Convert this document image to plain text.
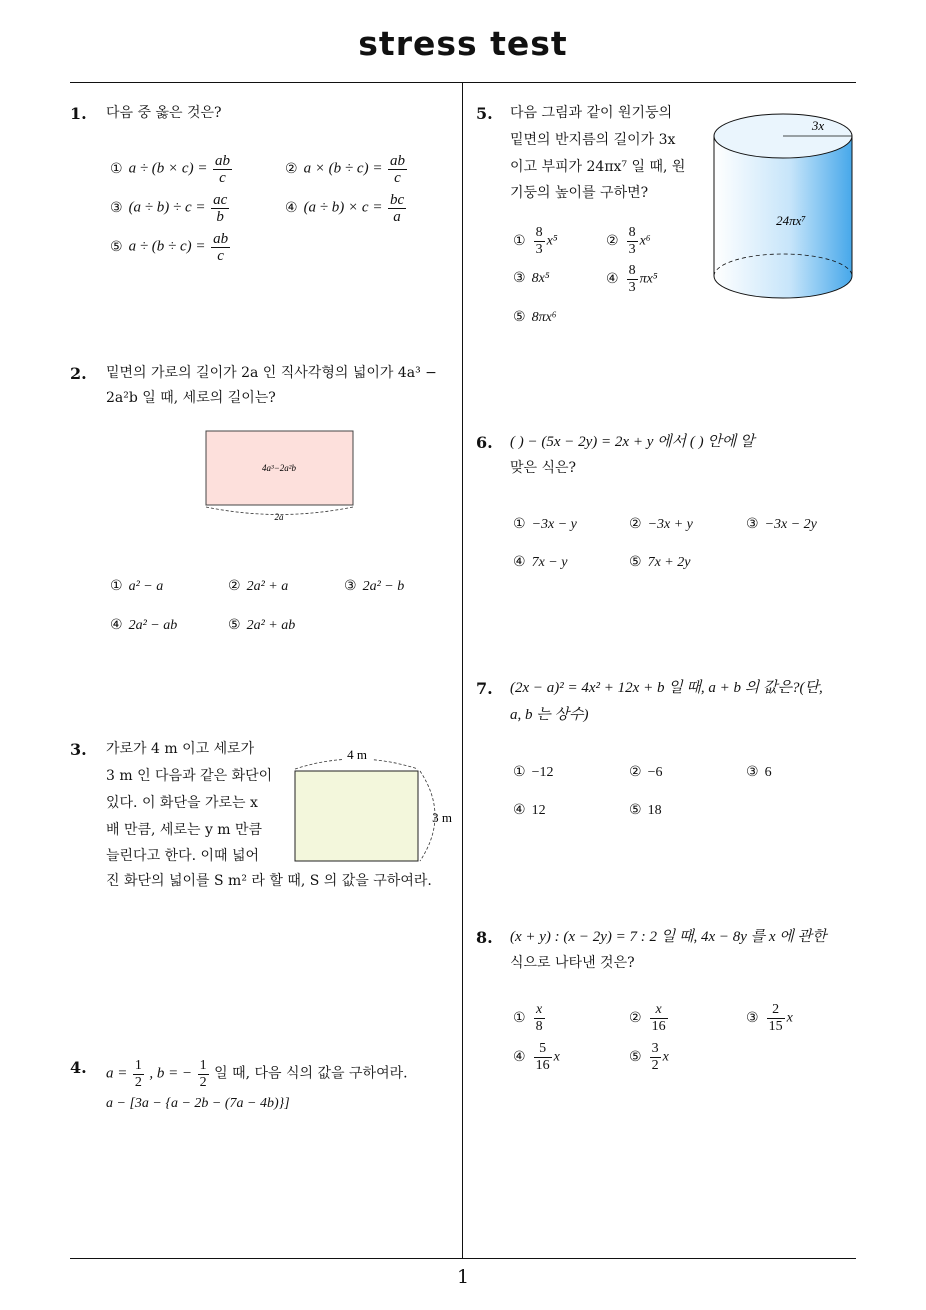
stress test
1
1. 다음 중 옳은 것은?
① $a \div (b \times c) = \frac{ab}{c}$	② $a \times (b \div c) = \frac{ab}{c}$
③ $(a \div b) \div c = \frac{ac}{b}$	④ $(a \div b) \times c = \frac{bc}{a}$
⑤ $a \div (b \div c) = \frac{ab}{c}$
2. 밑면의 가로의 길이가 2a 인 직사각형의 넓이가 4a³ −
2a²b 일 때, 세로의 길이는?
4a³−2a²b
2a
① a² − a	② 2a² + a	③ 2a² − b
④ 2a² − ab	⑤ 2a² + ab
3. 가로가 4 m 이고 세로가
3 m 인 다음과 같은 화단이
있다. 이 화단을 가로는 x
배 만큼, 세로는 y m 만큼
늘린다고 한다. 이때 넓어
진 화단의 넓이를 S m² 라 할 때, S 의 값을 구하여라.
4 m
3 m
4. $a = \frac{1}{2}$ , b = − $\frac{1}{2}$ 일 때, 다음 식의 값을 구하여라.
a − [3a − {a − 2b − (7a − 4b)}]
5. 다음 그림과 같이 원기둥의
밑면의 반지름의 길이가 3x
이고 부피가 24πx⁷ 일 때, 원
기둥의 높이를 구하면?
3x
24πx⁷
① $\frac{8}{3} x^5$	② $\frac{8}{3} x^6$
③ 8x⁵	④ $\frac{8}{3} \pi x^5$
⑤ 8πx⁶
6. ( ) − (5x − 2y) = 2x + y 에서 ( ) 안에 알
맞은 식은?
① −3x − y	② −3x + y	③ −3x − 2y
④ 7x − y	⑤ 7x + 2y
7. (2x − a)² = 4x² + 12x + b 일 때, a + b 의 값은?(단,
a, b 는 상수)
① −12	② −6	③ 6
④ 12	⑤ 18
8. (x + y) : (x − 2y) = 7 : 2 일 때, 4x − 8y 를 x 에 관한
식으로 나타낸 것은?
① $\frac{x}{8}$	② $\frac{x}{16}$	③ $\frac{2}{15}$ x
④ $\frac{5}{16}$ x	⑤ $\frac{3}{2}$ x
